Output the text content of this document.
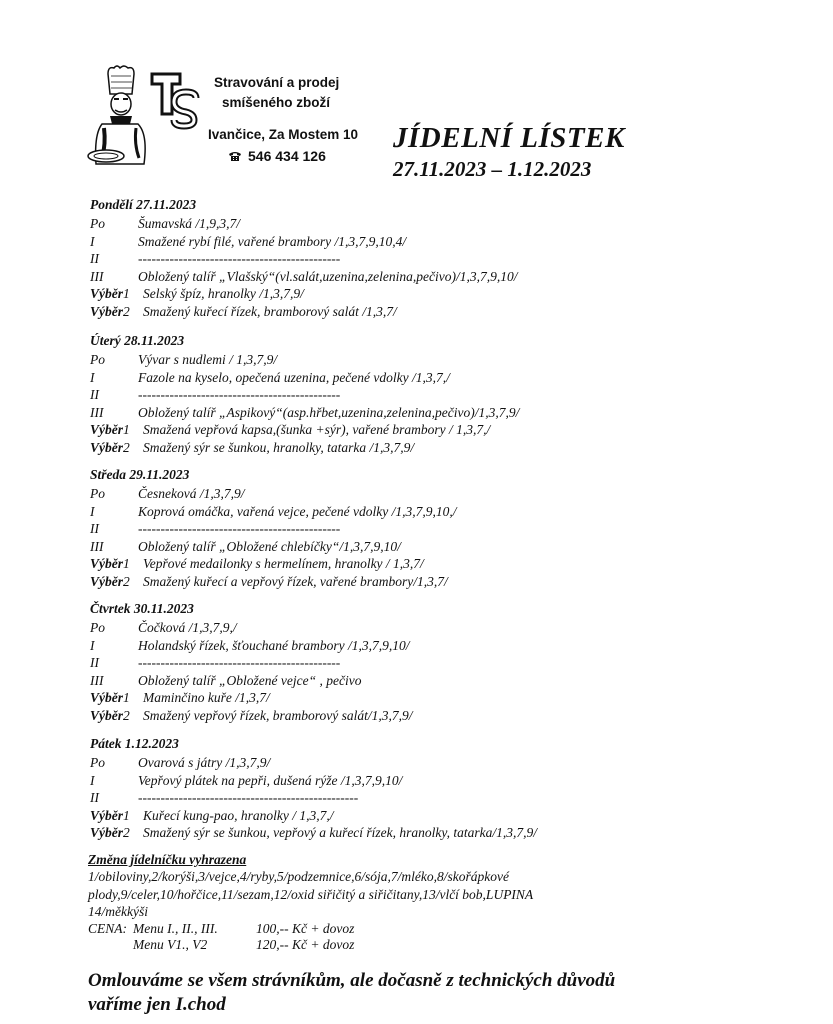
Stravování a prodej
smíšeného zboží
Ivančice, Za Mostem 10
546 434 126
JÍDELNÍ LÍSTEK
27.11.2023 – 1.12.2023
Pondělí 27.11.2023
Po Šumavská /1,9,3,7/
I	Smažené rybí filé, vařené brambory /1,3,7,9,10,4/
II	---------------------------------------------
III	Obložený talíř „Vlašský“(vl.salát,uzenina,zelenina,pečivo)/1,3,7,9,10/
Výběr1 Selský špíz, hranolky /1,3,7,9/
Výběr2 Smažený kuřecí řízek, bramborový salát /1,3,7/
Úterý 28.11.2023
Po Vývar s nudlemi / 1,3,7,9/
I	Fazole na kyselo, opečená uzenina, pečené vdolky /1,3,7,/
II	---------------------------------------------
III	Obložený talíř „Aspikový“(asp.hřbet,uzenina,zelenina,pečivo)/1,3,7,9/
Výběr1 Smažená vepřová kapsa,(šunka +sýr), vařené brambory / 1,3,7,/
Výběr2 Smažený sýr se šunkou, hranolky, tatarka /1,3,7,9/
Středa 29.11.2023
Po Česneková /1,3,7,9/
I	Koprová omáčka, vařená vejce, pečené vdolky /1,3,7,9,10,/
II	---------------------------------------------
III	Obložený talíř „Obložené chlebíčky“/1,3,7,9,10/
Výběr1 Vepřové medailonky s hermelínem, hranolky / 1,3,7/
Výběr2 Smažený kuřecí a vepřový řízek, vařené brambory/1,3,7/
Čtvrtek 30.11.2023
Po Čočková /1,3,7,9,/
I	Holandský řízek, šťouchané brambory /1,3,7,9,10/
II	---------------------------------------------
III	Obložený talíř „Obložené vejce“ , pečivo
Výběr1 Maminčino kuře /1,3,7/
Výběr2 Smažený vepřový řízek, bramborový salát/1,3,7,9/
Pátek 1.12.2023
Po Ovarová s játry /1,3,7,9/
I	Vepřový plátek na pepři, dušená rýže /1,3,7,9,10/
II	-------------------------------------------------
Výběr1 Kuřecí kung-pao, hranolky / 1,3,7,/
Výběr2 Smažený sýr se šunkou, vepřový a kuřecí řízek, hranolky, tatarka/1,3,7,9/
Změna jídelníčku vyhrazena
1/obiloviny,2/korýši,3/vejce,4/ryby,5/podzemnice,6/sója,7/mléko,8/skořápkové
plody,9/celer,10/hořčice,11/sezam,12/oxid siřičitý a siřičitany,13/vlčí bob,LUPINA
14/měkkýši
CENA: Menu I., II., III.	100,-- Kč + dovoz
Menu V1., V2	120,-- Kč + dovoz
Omlouváme se všem strávníkům, ale dočasně z technických důvodů
vaříme jen I.chod
